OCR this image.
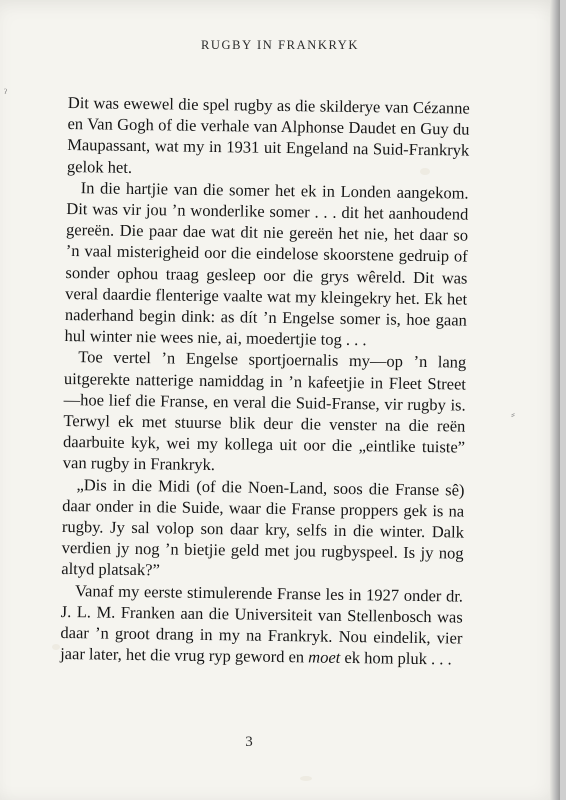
RUGBY IN FRANKRYK
ˀ
⸗

Dit was ewewel die spel rugby as die skilderye van Cézanne en Van Gogh of die verhale van Alphonse Daudet en Guy du Maupassant, wat my in 1931 uit Engeland na Suid-Frankryk gelok het.

In die hartjie van die somer het ek in Londen aangekom. Dit was vir jou ’n wonderlike somer . . . dit het aanhoudend gereën. Die paar dae wat dit nie gereën het nie, het daar so ’n vaal misterigheid oor die eindelose skoorstene gedruip of sonder ophou traag gesleep oor die grys wêreld. Dit was veral daardie flenterige vaalte wat my kleingekry het. Ek het naderhand begin dink: as dít ’n Engelse somer is, hoe gaan hul winter nie wees nie, ai, moedertjie tog . . .

Toe vertel ’n Engelse sportjoernalis my—op ’n lang uitgerekte natterige namiddag in ’n kafeetjie in Fleet Street—hoe lief die Franse, en veral die Suid-Franse, vir rugby is. Terwyl ek met stuurse blik deur die venster na die reën daarbuite kyk, wei my kollega uit oor die „eintlike tuiste” van rugby in Frankryk.

„Dis in die Midi (of die Noen-Land, soos die Franse sê) daar onder in die Suide, waar die Franse proppers gek is na rugby. Jy sal volop son daar kry, selfs in die winter. Dalk verdien jy nog ’n bietjie geld met jou rugbyspeel. Is jy nog altyd platsak?”

Vanaf my eerste stimulerende Franse les in 1927 onder dr. J. L. M. Franken aan die Universiteit van Stellenbosch was daar ’n groot drang in my na Frankryk. Nou eindelik, vier jaar later, het die vrug ryp geword en moet ek hom pluk . . .

3
